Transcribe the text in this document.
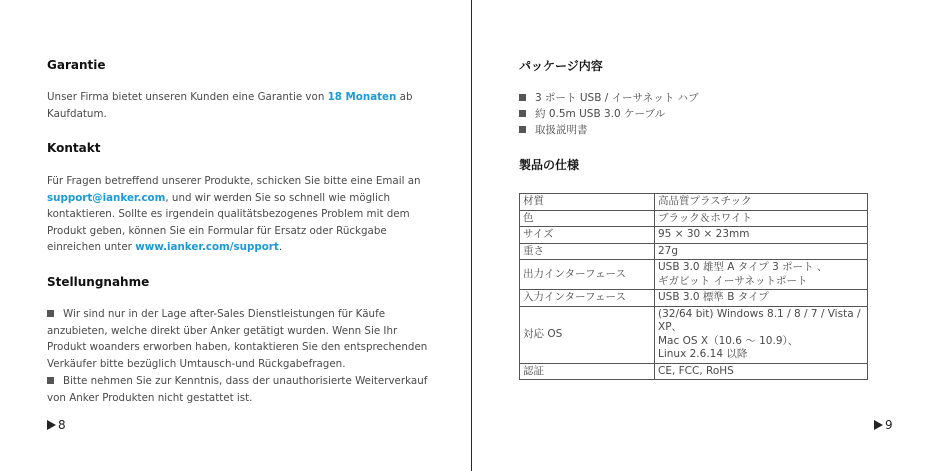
Garantie

Unser Firma bietet unseren Kunden eine Garantie von 18 Monaten ab Kaufdatum.

Kontakt

Für Fragen betreffend unserer Produkte, schicken Sie bitte eine Email an support@ianker.com, und wir werden Sie so schnell wie möglich kontaktieren. Sollte es irgendein qualitätsbezogenes Problem mit dem Produkt geben, können Sie ein Formular für Ersatz oder Rückgabe einreichen unter www.ianker.com/support.

Stellungnahme

Wir sind nur in der Lage after-Sales Dienstleistungen für Käufe anzubieten, welche direkt über Anker getätigt wurden. Wenn Sie Ihr Produkt woanders erworben haben, kontaktieren Sie den entsprechenden Verkäufer bitte bezüglich Umtausch-und Rückgabefragen.

Bitte nehmen Sie zur Kenntnis, dass der unauthorisierte Weiterverkauf von Anker Produkten nicht gestattet ist.

8
パッケージ内容
3 ポート USB / イーサネット ハブ
約 0.5m USB 3.0 ケーブル
取扱説明書
製品の仕様
材質	高品質プラスチック
色	ブラック＆ホワイト
サイズ	95 × 30 × 23mm
重さ	27g
出力インターフェース	USB 3.0 雄型 A タイプ 3 ポート 、
ギガビット イーサネットポート
入力インターフェース	USB 3.0 標準 B タイプ
対応 OS	(32/64 bit) Windows 8.1 / 8 / 7 / Vista / XP、
Mac OS X（10.6 〜 10.9）、
Linux 2.6.14 以降
認証	CE, FCC, RoHS
9
